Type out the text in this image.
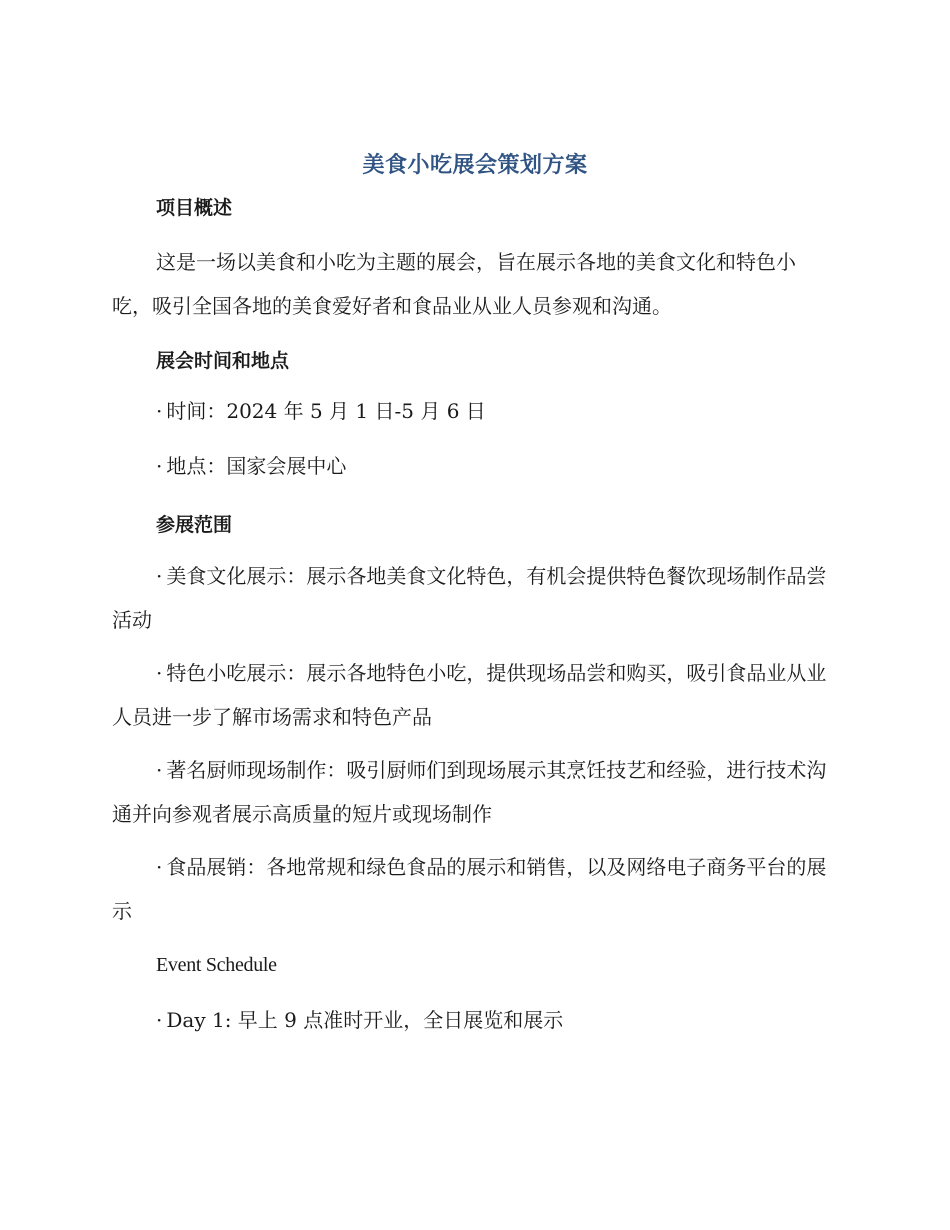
美食小吃展会策划方案
项目概述
这是一场以美食和小吃为主题的展会，旨在展示各地的美食文化和特色小吃，吸引全国各地的美食爱好者和食品业从业人员参观和沟通。
展会时间和地点
· 时间：2024 年 5 月 1 日-5 月 6 日
· 地点：国家会展中心
参展范围
· 美食文化展示：展示各地美食文化特色，有机会提供特色餐饮现场制作品尝活动
· 特色小吃展示：展示各地特色小吃，提供现场品尝和购买，吸引食品业从业人员进一步了解市场需求和特色产品
· 著名厨师现场制作：吸引厨师们到现场展示其烹饪技艺和经验，进行技术沟通并向参观者展示高质量的短片或现场制作
· 食品展销：各地常规和绿色食品的展示和销售，以及网络电子商务平台的展示
Event Schedule
· Day 1: 早上 9 点准时开业，全日展览和展示
